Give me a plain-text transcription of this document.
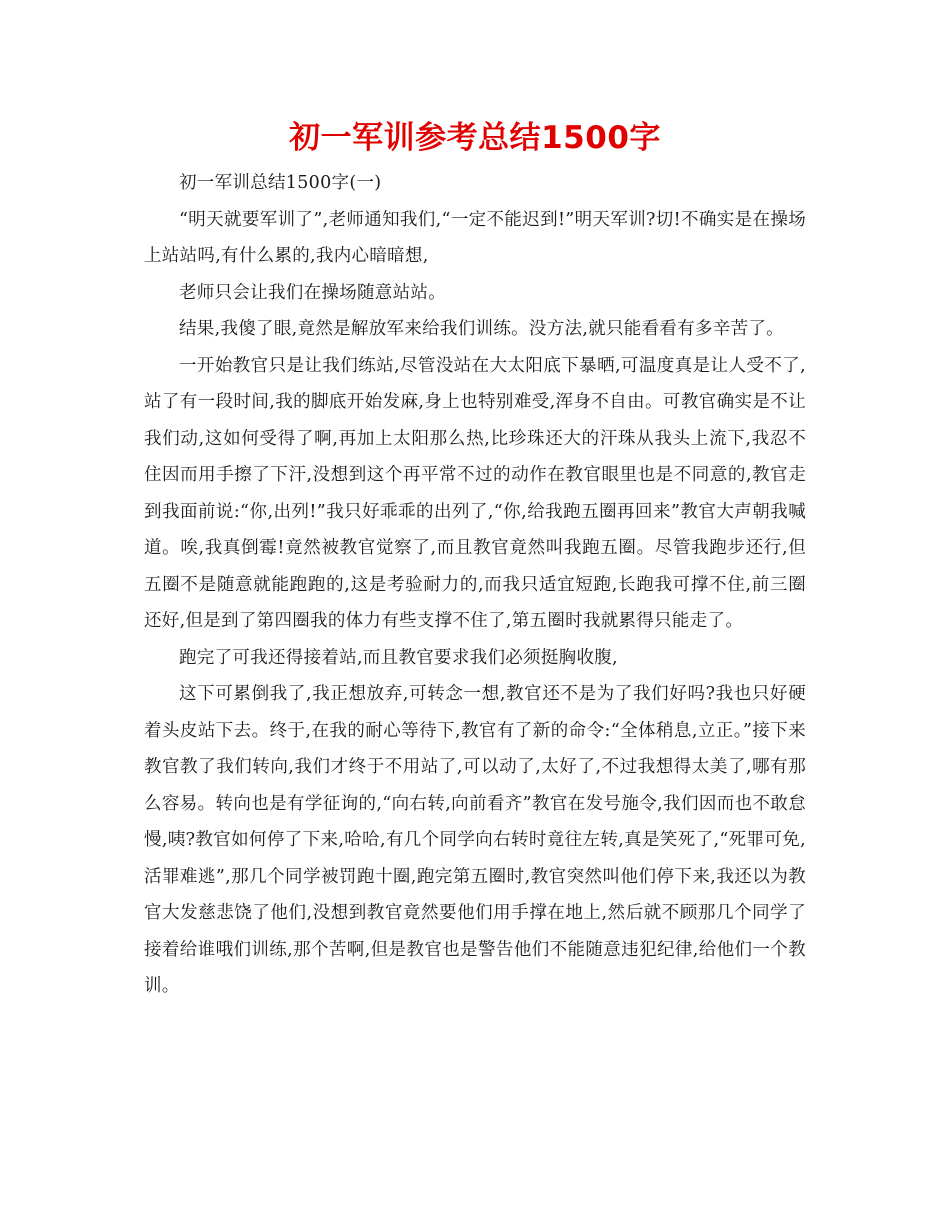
初一军训参考总结1500字

初一军训总结1500字(一)

“明天就要军训了”,老师通知我们,“一定不能迟到!”明天军训?切!不确实是在操场上站站吗,有什么累的,我内心暗暗想,

老师只会让我们在操场随意站站。

结果,我傻了眼,竟然是解放军来给我们训练。没方法,就只能看看有多辛苦了。

一开始教官只是让我们练站,尽管没站在大太阳底下暴晒,可温度真是让人受不了,站了有一段时间,我的脚底开始发麻,身上也特别难受,浑身不自由。可教官确实是不让我们动,这如何受得了啊,再加上太阳那么热,比珍珠还大的汗珠从我头上流下,我忍不住因而用手擦了下汗,没想到这个再平常不过的动作在教官眼里也是不同意的,教官走到我面前说:“你,出列!”我只好乖乖的出列了,“你,给我跑五圈再回来”教官大声朝我喊道。唉,我真倒霉!竟然被教官觉察了,而且教官竟然叫我跑五圈。尽管我跑步还行,但五圈不是随意就能跑跑的,这是考验耐力的,而我只适宜短跑,长跑我可撑不住,前三圈还好,但是到了第四圈我的体力有些支撑不住了,第五圈时我就累得只能走了。

跑完了可我还得接着站,而且教官要求我们必须挺胸收腹,

这下可累倒我了,我正想放弃,可转念一想,教官还不是为了我们好吗?我也只好硬着头皮站下去。终于,在我的耐心等待下,教官有了新的命令:“全体稍息,立正。”接下来教官教了我们转向,我们才终于不用站了,可以动了,太好了,不过我想得太美了,哪有那么容易。转向也是有学征询的,“向右转,向前看齐”教官在发号施令,我们因而也不敢怠慢,咦?教官如何停了下来,哈哈,有几个同学向右转时竟往左转,真是笑死了,“死罪可免,活罪难逃”,那几个同学被罚跑十圈,跑完第五圈时,教官突然叫他们停下来,我还以为教官大发慈悲饶了他们,没想到教官竟然要他们用手撑在地上,然后就不顾那几个同学了接着给谁哦们训练,那个苦啊,但是教官也是警告他们不能随意违犯纪律,给他们一个教训。
